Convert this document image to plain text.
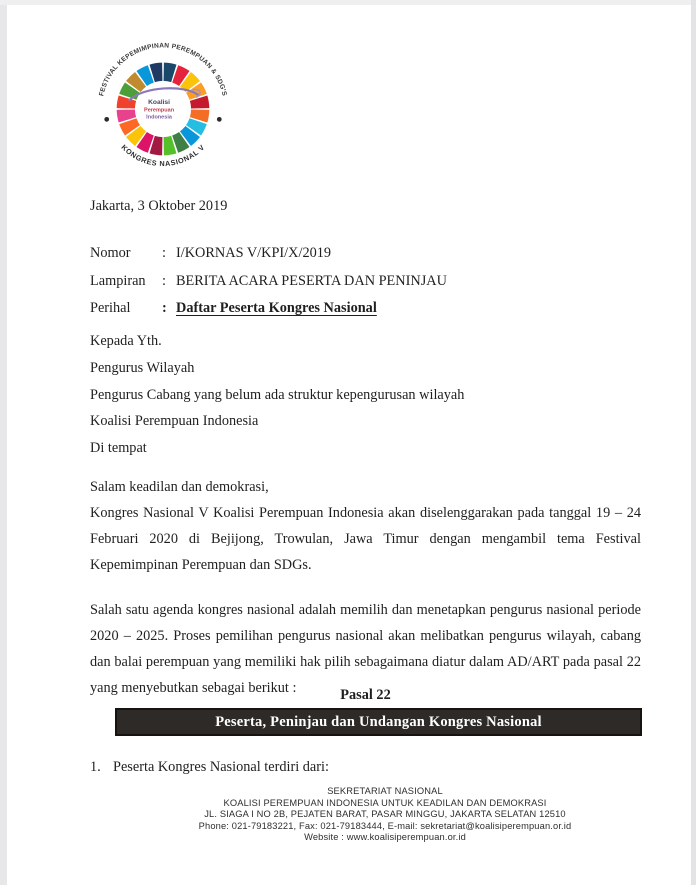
Koalisi
Perempuan
Indonesia
FESTIVAL KEPEMIMPINAN PEREMPUAN & SDG'S
KONGRES NASIONAL V
Jakarta, 3 Oktober 2019
Nomor	: I/KORNAS V/KPI/X/2019
Lampiran	: BERITA ACARA PESERTA DAN PENINJAU
Perihal	: Daftar Peserta Kongres Nasional
Kepada Yth.
Pengurus Wilayah
Pengurus Cabang yang belum ada struktur kepengurusan wilayah
Koalisi Perempuan Indonesia
Di tempat
Salam keadilan dan demokrasi,

Kongres Nasional V Koalisi Perempuan Indonesia akan diselenggarakan pada tanggal 19 – 24 Februari 2020 di Bejijong, Trowulan, Jawa Timur dengan mengambil tema Festival Kepemimpinan Perempuan dan SDGs.

Salah satu agenda kongres nasional adalah memilih dan menetapkan pengurus nasional periode 2020 – 2025. Proses pemilihan pengurus nasional akan melibatkan pengurus wilayah, cabang dan balai perempuan yang memiliki hak pilih sebagaimana diatur dalam AD/ART pada pasal 22 yang menyebutkan sebagai berikut :	Pasal 22
Peserta, Peninjau dan Undangan Kongres Nasional
1. Peserta Kongres Nasional terdiri dari:
SEKRETARIAT NASIONAL
KOALISI PEREMPUAN INDONESIA UNTUK KEADILAN DAN DEMOKRASI
JL. SIAGA I NO 2B, PEJATEN BARAT, PASAR MINGGU, JAKARTA SELATAN 12510
Phone: 021-79183221, Fax: 021-79183444, E-mail: sekretariat@koalisiperempuan.or.id
Website : www.koalisiperempuan.or.id
